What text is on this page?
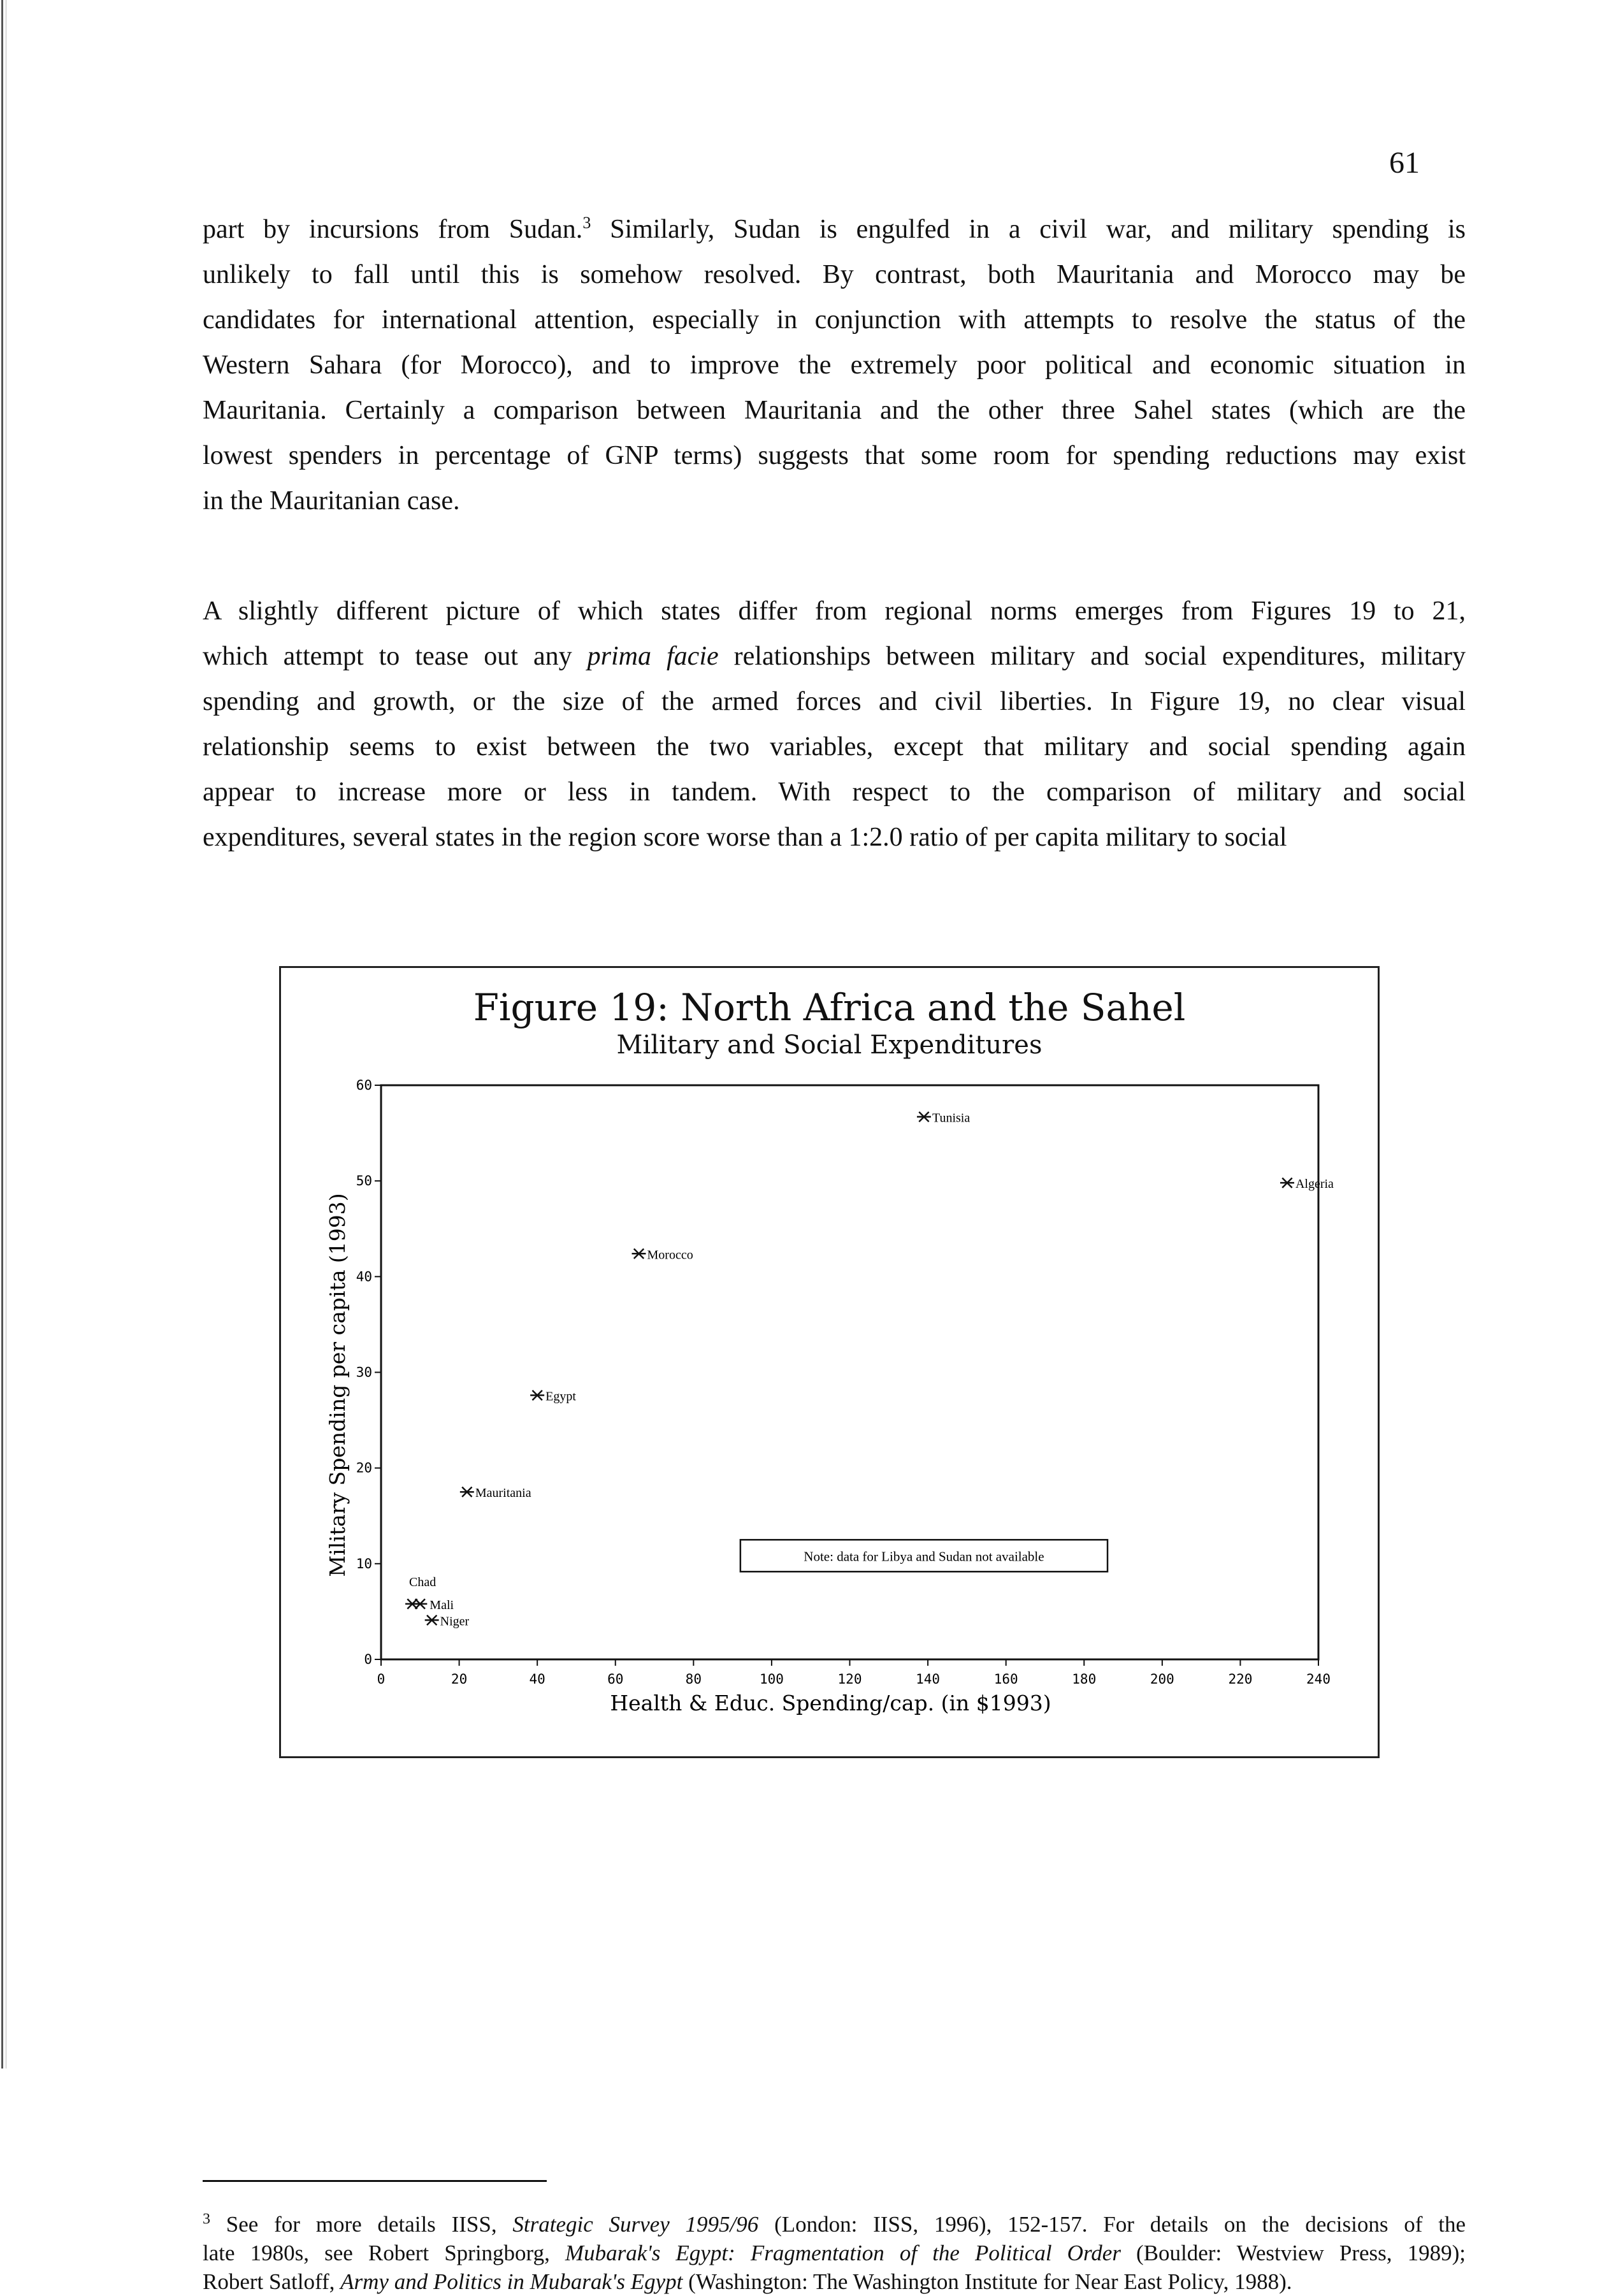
61
part by incursions from Sudan.$^3$ Similarly, Sudan is engulfed in a civil war, and military spending is
unlikely to fall until this is somehow resolved. By contrast, both Mauritania and Morocco may be
candidates for international attention, especially in conjunction with attempts to resolve the status of the
Western Sahara (for Morocco), and to improve the extremely poor political and economic situation in
Mauritania. Certainly a comparison between Mauritania and the other three Sahel states (which are the
lowest spenders in percentage of GNP terms) suggests that some room for spending reductions may exist
in the Mauritanian case.
A slightly different picture of which states differ from regional norms emerges from Figures 19 to 21,
which attempt to tease out any prima facie relationships between military and social expenditures, military
spending and growth, or the size of the armed forces and civil liberties. In Figure 19, no clear visual
relationship seems to exist between the two variables, except that military and social spending again
appear to increase more or less in tandem. With respect to the comparison of military and social
expenditures, several states in the region score worse than a 1:2.0 ratio of per capita military to social
Figure 19: North Africa and the Sahel
Military and Social Expenditures
0	20	40	60	80	100	120	140	160	180	200	220	240
0
10
20
30
40
50
60
Health & Educ. Spending/cap. (in $1993)
Military Spending per capita (1993)
Tunisia
Algeria
Morocco
Egypt
Mauritania
Chad
Mali
Niger
Note: data for Libya and Sudan not available
$^3$ See for more details IISS, Strategic Survey 1995/96 (London: IISS, 1996), 152-157. For details on the decisions of the
late 1980s, see Robert Springborg, Mubarak's Egypt: Fragmentation of the Political Order (Boulder: Westview Press, 1989);
Robert Satloff, Army and Politics in Mubarak's Egypt (Washington: The Washington Institute for Near East Policy, 1988).
